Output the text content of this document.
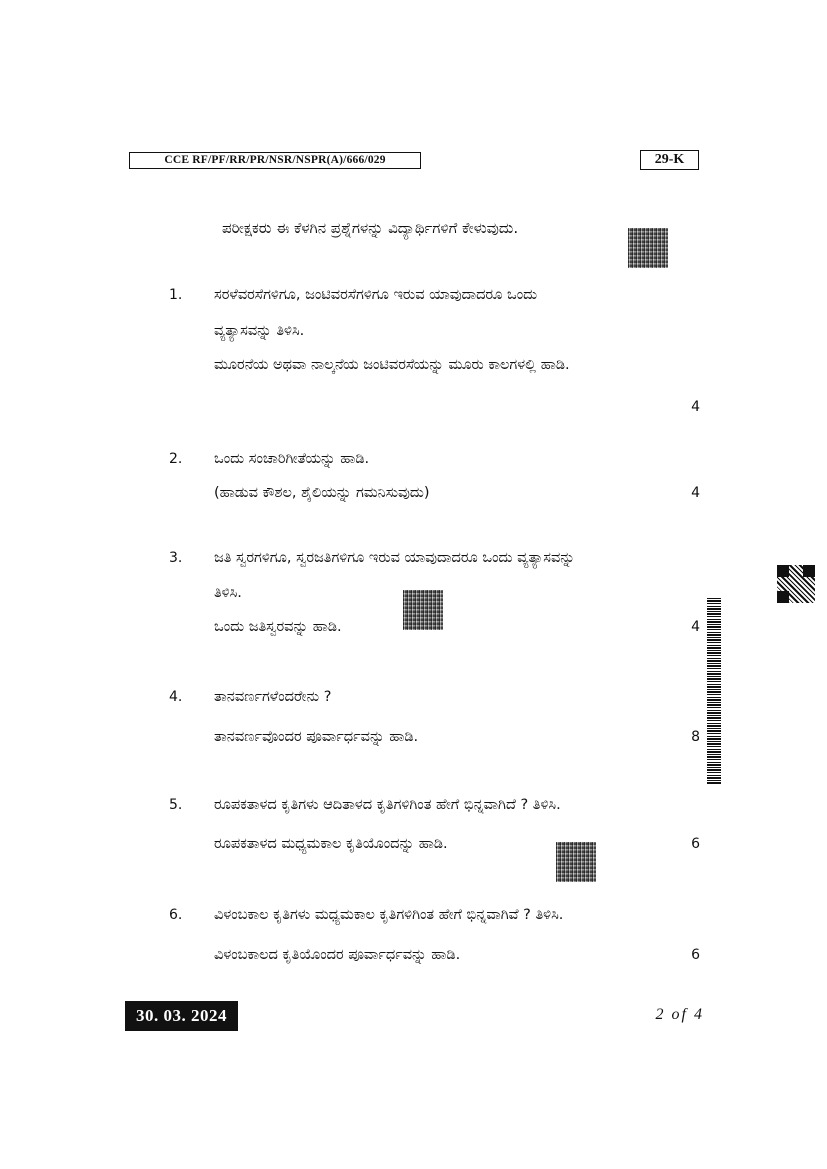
CCE RF/PF/RR/PR/NSR/NSPR(A)/666/029	29-K
ಪರೀಕ್ಷಕರು ಈ ಕೆಳಗಿನ ಪ್ರಶ್ನೆಗಳನ್ನು ವಿದ್ಯಾರ್ಥಿಗಳಿಗೆ ಕೇಳುವುದು.
1.	ಸರಳೆವರಸೆಗಳಿಗೂ, ಜಂಟಿವರಸೆಗಳಿಗೂ ಇರುವ ಯಾವುದಾದರೂ ಒಂದು
ವ್ಯತ್ಯಾಸವನ್ನು ತಿಳಿಸಿ.
ಮೂರನೆಯ ಅಥವಾ ನಾಲ್ಕನೆಯ ಜಂಟಿವರಸೆಯನ್ನು ಮೂರು ಕಾಲಗಳಲ್ಲಿ ಹಾಡಿ.
4
2.	ಒಂದು ಸಂಚಾರಿಗೀತೆಯನ್ನು ಹಾಡಿ.
(ಹಾಡುವ ಕೌಶಲ, ಶೈಲಿಯನ್ನು ಗಮನಿಸುವುದು)	4
3.	ಜತಿ ಸ್ವರಗಳಿಗೂ, ಸ್ವರಜತಿಗಳಿಗೂ ಇರುವ ಯಾವುದಾದರೂ ಒಂದು ವ್ಯತ್ಯಾಸವನ್ನು
ತಿಳಿಸಿ.
ಒಂದು ಜತಿಸ್ವರವನ್ನು ಹಾಡಿ.	4
4.	ತಾನವರ್ಣಗಳೆಂದರೇನು ?
ತಾನವರ್ಣವೊಂದರ ಪೂರ್ವಾರ್ಧವನ್ನು ಹಾಡಿ.	8
5.	ರೂಪಕತಾಳದ ಕೃತಿಗಳು ಆದಿತಾಳದ ಕೃತಿಗಳಿಗಿಂತ ಹೇಗೆ ಭಿನ್ನವಾಗಿದೆ ? ತಿಳಿಸಿ.
ರೂಪಕತಾಳದ ಮಧ್ಯಮಕಾಲ ಕೃತಿಯೊಂದನ್ನು ಹಾಡಿ.	6
6.	ವಿಳಂಬಕಾಲ ಕೃತಿಗಳು ಮಧ್ಯಮಕಾಲ ಕೃತಿಗಳಿಗಿಂತ ಹೇಗೆ ಭಿನ್ನವಾಗಿವೆ ? ತಿಳಿಸಿ.
ವಿಳಂಬಕಾಲದ ಕೃತಿಯೊಂದರ ಪೂರ್ವಾರ್ಧವನ್ನು ಹಾಡಿ.	6
30. 03. 2024	2 of 4
